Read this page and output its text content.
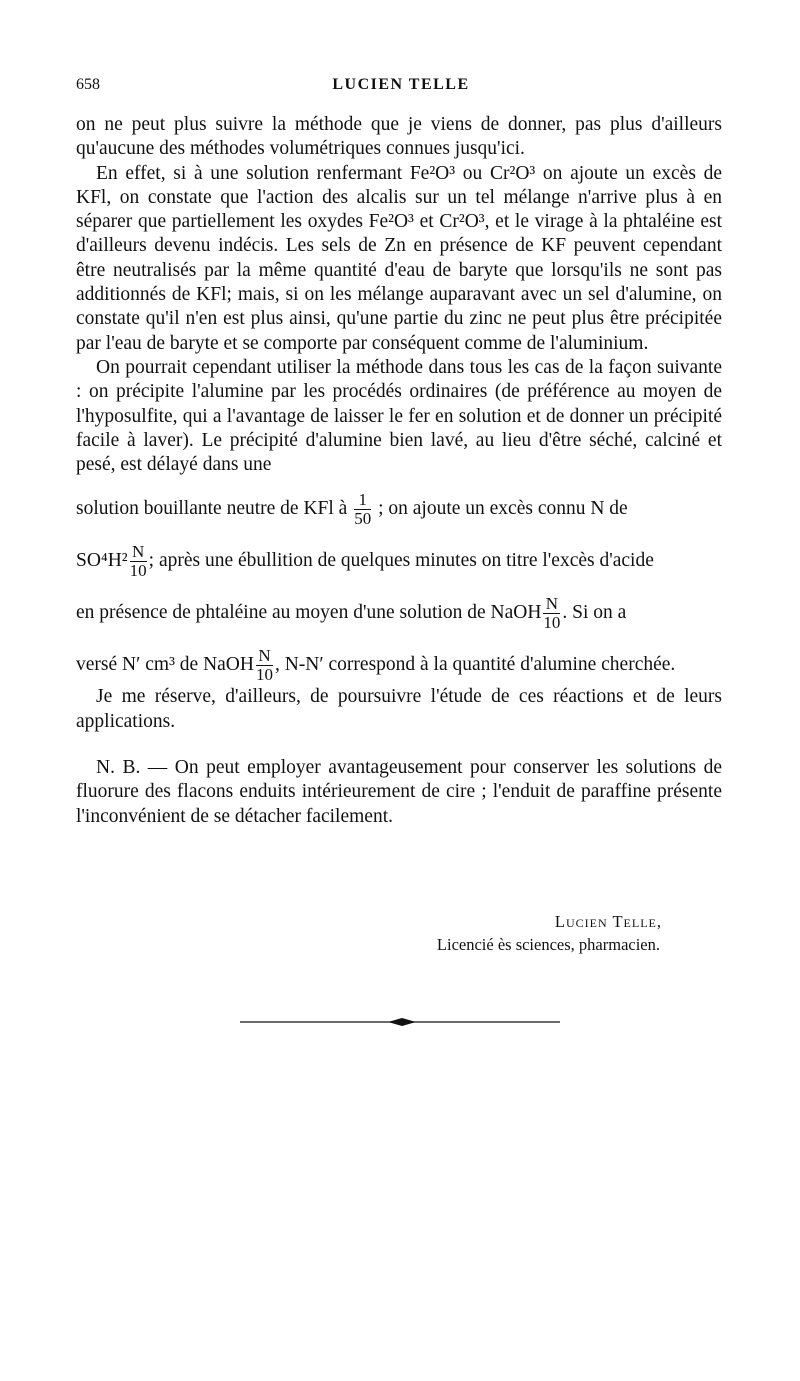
658	LUCIEN TELLE

on ne peut plus suivre la méthode que je viens de donner, pas plus d'ailleurs qu'aucune des méthodes volumétriques connues jusqu'ici.

En effet, si à une solution renfermant Fe²O³ ou Cr²O³ on ajoute un excès de KFl, on constate que l'action des alcalis sur un tel mélange n'arrive plus à en séparer que partiellement les oxydes Fe²O³ et Cr²O³, et le virage à la phtaléine est d'ailleurs devenu indécis. Les sels de Zn en présence de KF peuvent cependant être neutralisés par la même quantité d'eau de baryte que lorsqu'ils ne sont pas additionnés de KFl; mais, si on les mélange auparavant avec un sel d'alumine, on constate qu'il n'en est plus ainsi, qu'une partie du zinc ne peut plus être précipitée par l'eau de baryte et se comporte par conséquent comme de l'aluminium.

On pourrait cependant utiliser la méthode dans tous les cas de la façon suivante : on précipite l'alumine par les procédés ordinaires (de préférence au moyen de l'hyposulfite, qui a l'avantage de laisser le fer en solution et de donner un précipité facile à laver). Le précipité d'alumine bien lavé, au lieu d'être séché, calciné et pesé, est délayé dans une

solution bouillante neutre de KFl à $\frac{1}{50}$ ; on ajoute un excès connu N de

$SO^4H^2 \frac{N}{10}$ ; après une ébullition de quelques minutes on titre l'excès d'acide

en présence de phtaléine au moyen d'une solution de NaOH $\frac{N}{10}$ . Si on a

versé N′ cm³ de NaOH $\frac{N}{10}$ , N-N′ correspond à la quantité d'alumine cherchée.

Je me réserve, d'ailleurs, de poursuivre l'étude de ces réactions et de leurs applications.

N. B. — On peut employer avantageusement pour conserver les solutions de fluorure des flacons enduits intérieurement de cire ; l'enduit de paraffine présente l'inconvénient de se détacher facilement.

Lucien Telle,
Licencié ès sciences, pharmacien.
